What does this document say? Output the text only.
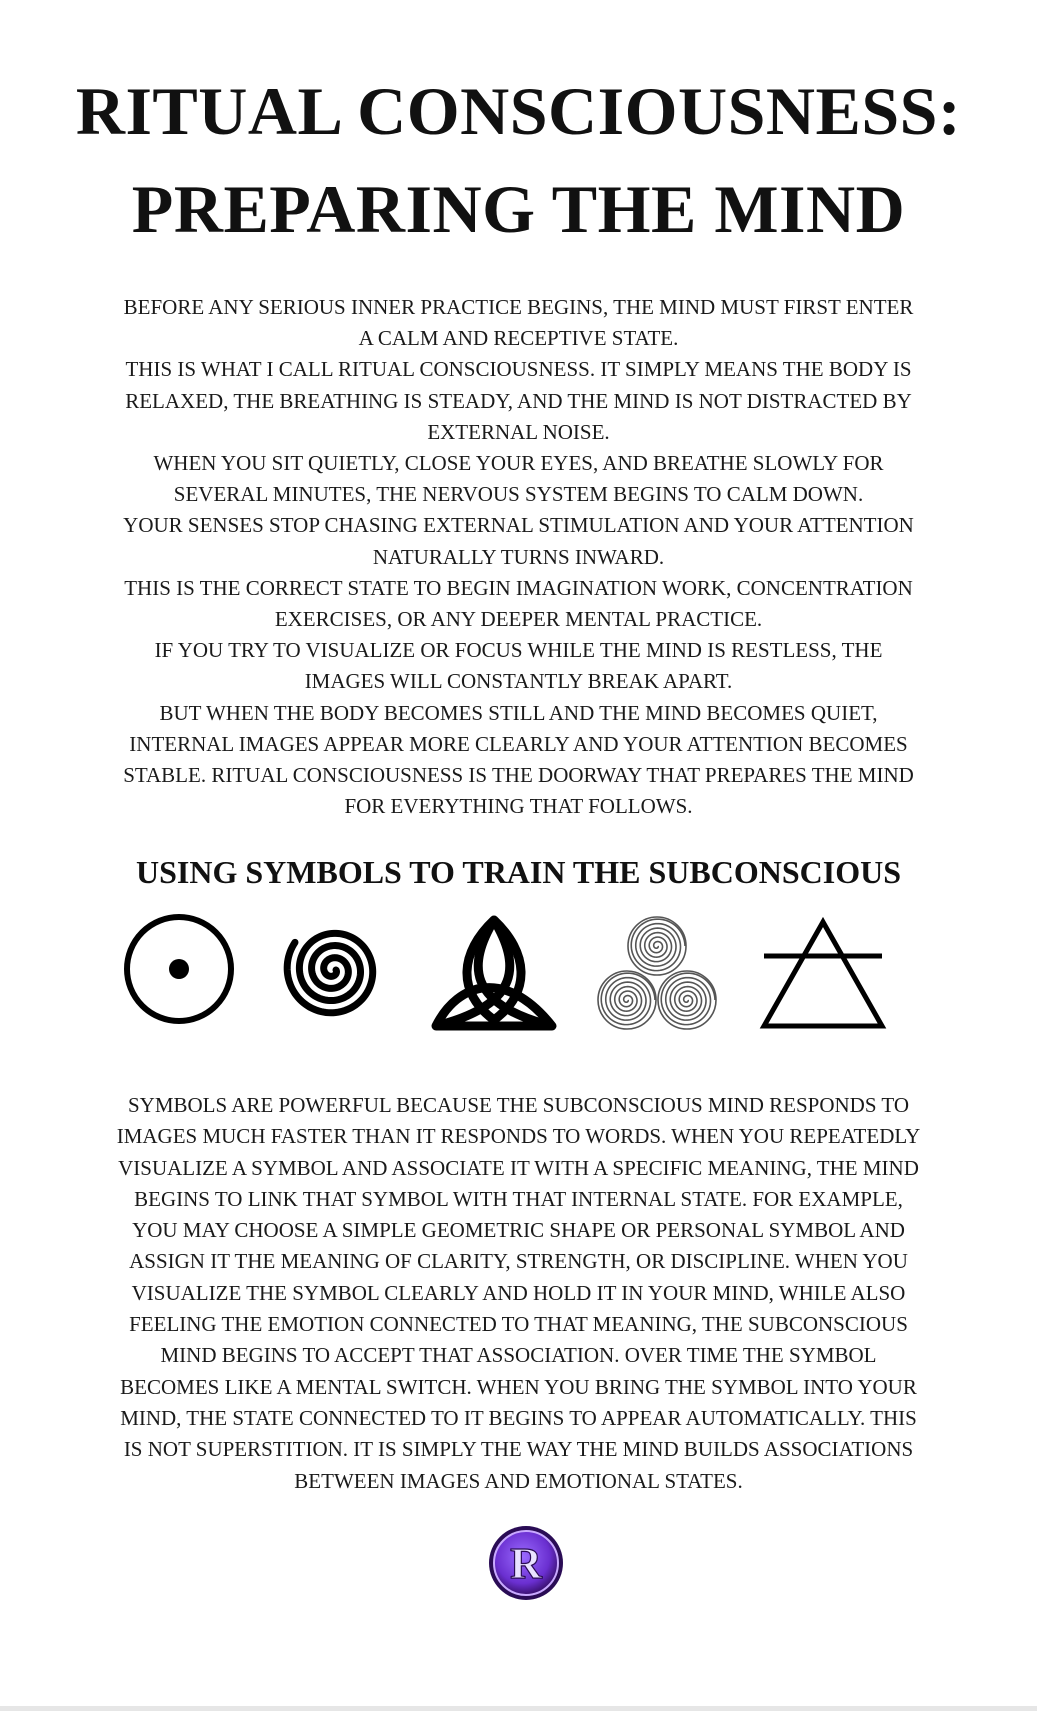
RITUAL CONSCIOUSNESS:
PREPARING THE MIND
BEFORE ANY SERIOUS INNER PRACTICE BEGINS, THE MIND MUST FIRST ENTER
A CALM AND RECEPTIVE STATE.
THIS IS WHAT I CALL RITUAL CONSCIOUSNESS. IT SIMPLY MEANS THE BODY IS
RELAXED, THE BREATHING IS STEADY, AND THE MIND IS NOT DISTRACTED BY
EXTERNAL NOISE.
WHEN YOU SIT QUIETLY, CLOSE YOUR EYES, AND BREATHE SLOWLY FOR
SEVERAL MINUTES, THE NERVOUS SYSTEM BEGINS TO CALM DOWN.
YOUR SENSES STOP CHASING EXTERNAL STIMULATION AND YOUR ATTENTION
NATURALLY TURNS INWARD.
THIS IS THE CORRECT STATE TO BEGIN IMAGINATION WORK, CONCENTRATION
EXERCISES, OR ANY DEEPER MENTAL PRACTICE.
IF YOU TRY TO VISUALIZE OR FOCUS WHILE THE MIND IS RESTLESS, THE
IMAGES WILL CONSTANTLY BREAK APART.
BUT WHEN THE BODY BECOMES STILL AND THE MIND BECOMES QUIET,
INTERNAL IMAGES APPEAR MORE CLEARLY AND YOUR ATTENTION BECOMES
STABLE. RITUAL CONSCIOUSNESS IS THE DOORWAY THAT PREPARES THE MIND
FOR EVERYTHING THAT FOLLOWS.
USING SYMBOLS TO TRAIN THE SUBCONSCIOUS
SYMBOLS ARE POWERFUL BECAUSE THE SUBCONSCIOUS MIND RESPONDS TO
IMAGES MUCH FASTER THAN IT RESPONDS TO WORDS. WHEN YOU REPEATEDLY
VISUALIZE A SYMBOL AND ASSOCIATE IT WITH A SPECIFIC MEANING, THE MIND
BEGINS TO LINK THAT SYMBOL WITH THAT INTERNAL STATE. FOR EXAMPLE,
YOU MAY CHOOSE A SIMPLE GEOMETRIC SHAPE OR PERSONAL SYMBOL AND
ASSIGN IT THE MEANING OF CLARITY, STRENGTH, OR DISCIPLINE. WHEN YOU
VISUALIZE THE SYMBOL CLEARLY AND HOLD IT IN YOUR MIND, WHILE ALSO
FEELING THE EMOTION CONNECTED TO THAT MEANING, THE SUBCONSCIOUS
MIND BEGINS TO ACCEPT THAT ASSOCIATION. OVER TIME THE SYMBOL
BECOMES LIKE A MENTAL SWITCH. WHEN YOU BRING THE SYMBOL INTO YOUR
MIND, THE STATE CONNECTED TO IT BEGINS TO APPEAR AUTOMATICALLY. THIS
IS NOT SUPERSTITION. IT IS SIMPLY THE WAY THE MIND BUILDS ASSOCIATIONS
BETWEEN IMAGES AND EMOTIONAL STATES.
R
